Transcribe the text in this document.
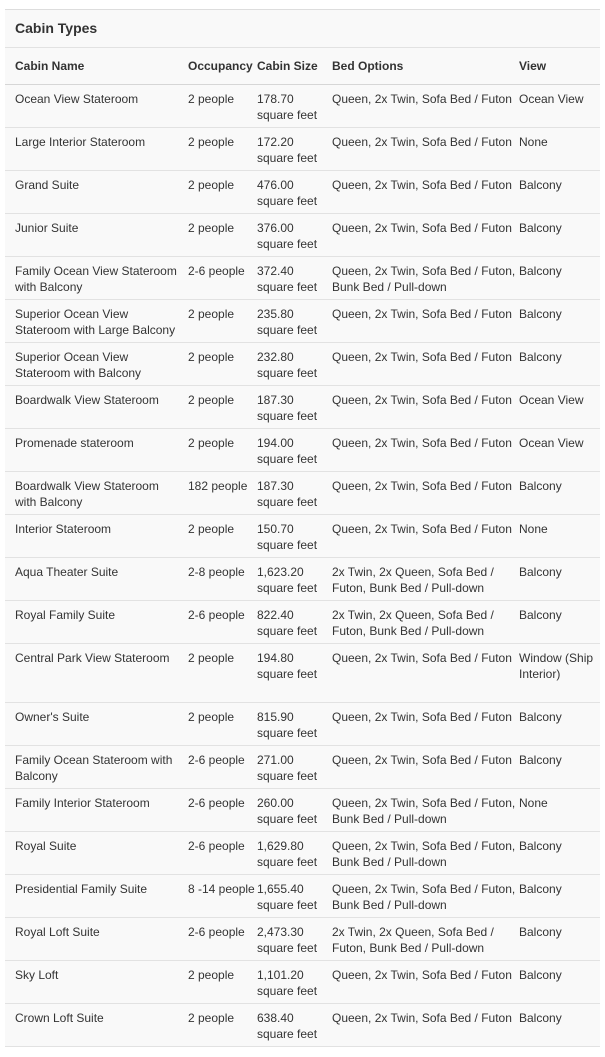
Cabin Types
Cabin Name	Occupancy	Cabin Size	Bed Options	View
Ocean View Stateroom	2 people	178.70 square feet	Queen, 2x Twin, Sofa Bed / Futon	Ocean View
Large Interior Stateroom	2 people	172.20 square feet	Queen, 2x Twin, Sofa Bed / Futon	None
Grand Suite	2 people	476.00 square feet	Queen, 2x Twin, Sofa Bed / Futon	Balcony
Junior Suite	2 people	376.00 square feet	Queen, 2x Twin, Sofa Bed / Futon	Balcony
Family Ocean View Stateroom with Balcony	2-6 people	372.40 square feet	Queen, 2x Twin, Sofa Bed / Futon, Bunk Bed / Pull-down	Balcony
Superior Ocean View Stateroom with Large Balcony	2 people	235.80 square feet	Queen, 2x Twin, Sofa Bed / Futon	Balcony
Superior Ocean View Stateroom with Balcony	2 people	232.80 square feet	Queen, 2x Twin, Sofa Bed / Futon	Balcony
Boardwalk View Stateroom	2 people	187.30 square feet	Queen, 2x Twin, Sofa Bed / Futon	Ocean View
Promenade stateroom	2 people	194.00 square feet	Queen, 2x Twin, Sofa Bed / Futon	Ocean View
Boardwalk View Stateroom with Balcony	182 people	187.30 square feet	Queen, 2x Twin, Sofa Bed / Futon	Balcony
Interior Stateroom	2 people	150.70 square feet	Queen, 2x Twin, Sofa Bed / Futon	None
Aqua Theater Suite	2-8 people	1,623.20 square feet	2x Twin, 2x Queen, Sofa Bed / Futon, Bunk Bed / Pull-down	Balcony
Royal Family Suite	2-6 people	822.40 square feet	2x Twin, 2x Queen, Sofa Bed / Futon, Bunk Bed / Pull-down	Balcony
Central Park View Stateroom	2 people	194.80 square feet	Queen, 2x Twin, Sofa Bed / Futon	Window (Ship Interior)
Owner's Suite	2 people	815.90 square feet	Queen, 2x Twin, Sofa Bed / Futon	Balcony
Family Ocean Stateroom with Balcony	2-6 people	271.00 square feet	Queen, 2x Twin, Sofa Bed / Futon	Balcony
Family Interior Stateroom	2-6 people	260.00 square feet	Queen, 2x Twin, Sofa Bed / Futon, Bunk Bed / Pull-down	None
Royal Suite	2-6 people	1,629.80 square feet	Queen, 2x Twin, Sofa Bed / Futon, Bunk Bed / Pull-down	Balcony
Presidential Family Suite	8 -14 people	1,655.40 square feet	Queen, 2x Twin, Sofa Bed / Futon, Bunk Bed / Pull-down	Balcony
Royal Loft Suite	2-6 people	2,473.30 square feet	2x Twin, 2x Queen, Sofa Bed / Futon, Bunk Bed / Pull-down	Balcony
Sky Loft	2 people	1,101.20 square feet	Queen, 2x Twin, Sofa Bed / Futon	Balcony
Crown Loft Suite	2 people	638.40 square feet	Queen, 2x Twin, Sofa Bed / Futon	Balcony
